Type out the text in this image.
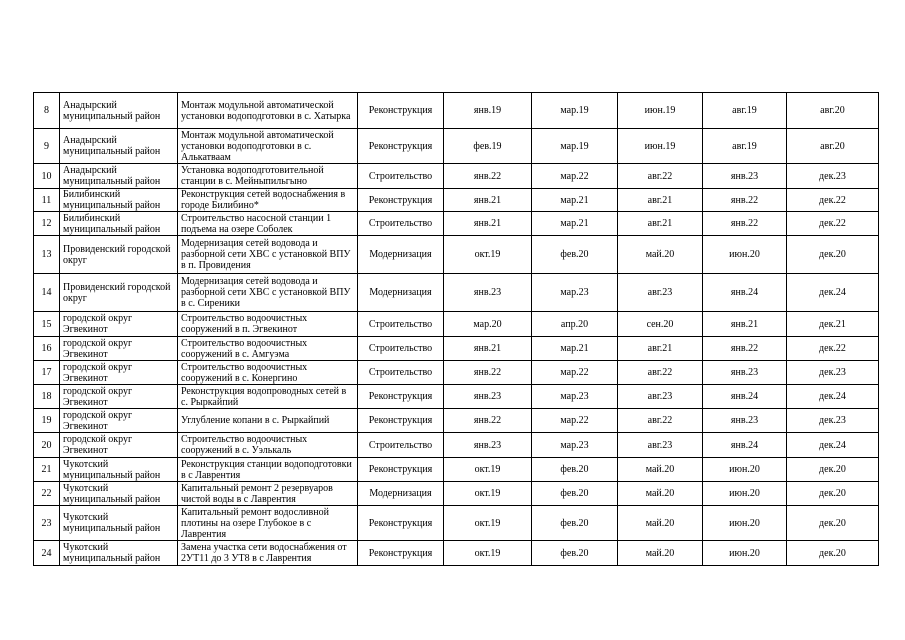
8	Анадырский муниципальный район	Монтаж модульной автоматической установки водоподготовки в с. Хатырка	Реконструкция	янв.19	мар.19	июн.19	авг.19	авг.20
9	Анадырский муниципальный район	Монтаж модульной автоматической установки водоподготовки в с. Алькатваам	Реконструкция	фев.19	мар.19	июн.19	авг.19	авг.20
10	Анадырский муниципальный район	Установка водоподготовительной станции в с. Мейныпильгыно	Строительство	янв.22	мар.22	авг.22	янв.23	дек.23
11	Билибинский муниципальный район	Реконструкция сетей водоснабжения в городе Билибино*	Реконструкция	янв.21	мар.21	авг.21	янв.22	дек.22
12	Билибинский муниципальный район	Строительство насосной станции 1 подъема на озере Соболек	Строительство	янв.21	мар.21	авг.21	янв.22	дек.22
13	Провиденский городской округ	Модернизация сетей водовода и разборной сети ХВС с установкой ВПУ в п. Провидения	Модернизация	окт.19	фев.20	май.20	июн.20	дек.20
14	Провиденский городской округ	Модернизация сетей водовода и разборной сети ХВС с установкой ВПУ в с. Сиреники	Модернизация	янв.23	мар.23	авг.23	янв.24	дек.24
15	городской округ Эгвекинот	Строительство водоочистных сооружений в п. Эгвекинот	Строительство	мар.20	апр.20	сен.20	янв.21	дек.21
16	городской округ Эгвекинот	Строительство водоочистных сооружений в с. Амгуэма	Строительство	янв.21	мар.21	авг.21	янв.22	дек.22
17	городской округ Эгвекинот	Строительство водоочистных сооружений в с. Конергино	Строительство	янв.22	мар.22	авг.22	янв.23	дек.23
18	городской округ Эгвекинот	Реконструкция водопроводных сетей в с. Рыркайпий	Реконструкция	янв.23	мар.23	авг.23	янв.24	дек.24
19	городской округ Эгвекинот	Углубление копани в с. Рыркайпий	Реконструкция	янв.22	мар.22	авг.22	янв.23	дек.23
20	городской округ Эгвекинот	Строительство водоочистных сооружений в с. Уэлькаль	Строительство	янв.23	мар.23	авг.23	янв.24	дек.24
21	Чукотский муниципальный район	Реконструкция станции водоподготовки в с Лаврентия	Реконструкция	окт.19	фев.20	май.20	июн.20	дек.20
22	Чукотский муниципальный район	Капитальный ремонт 2 резервуаров чистой воды в с Лаврентия	Модернизация	окт.19	фев.20	май.20	июн.20	дек.20
23	Чукотский муниципальный район	Капитальный ремонт водосливной плотины на озере Глубокое в с Лаврентия	Реконструкция	окт.19	фев.20	май.20	июн.20	дек.20
24	Чукотский муниципальный район	Замена участка сети водоснабжения от 2УТ11 до 3 УТ8 в с Лаврентия	Реконструкция	окт.19	фев.20	май.20	июн.20	дек.20
